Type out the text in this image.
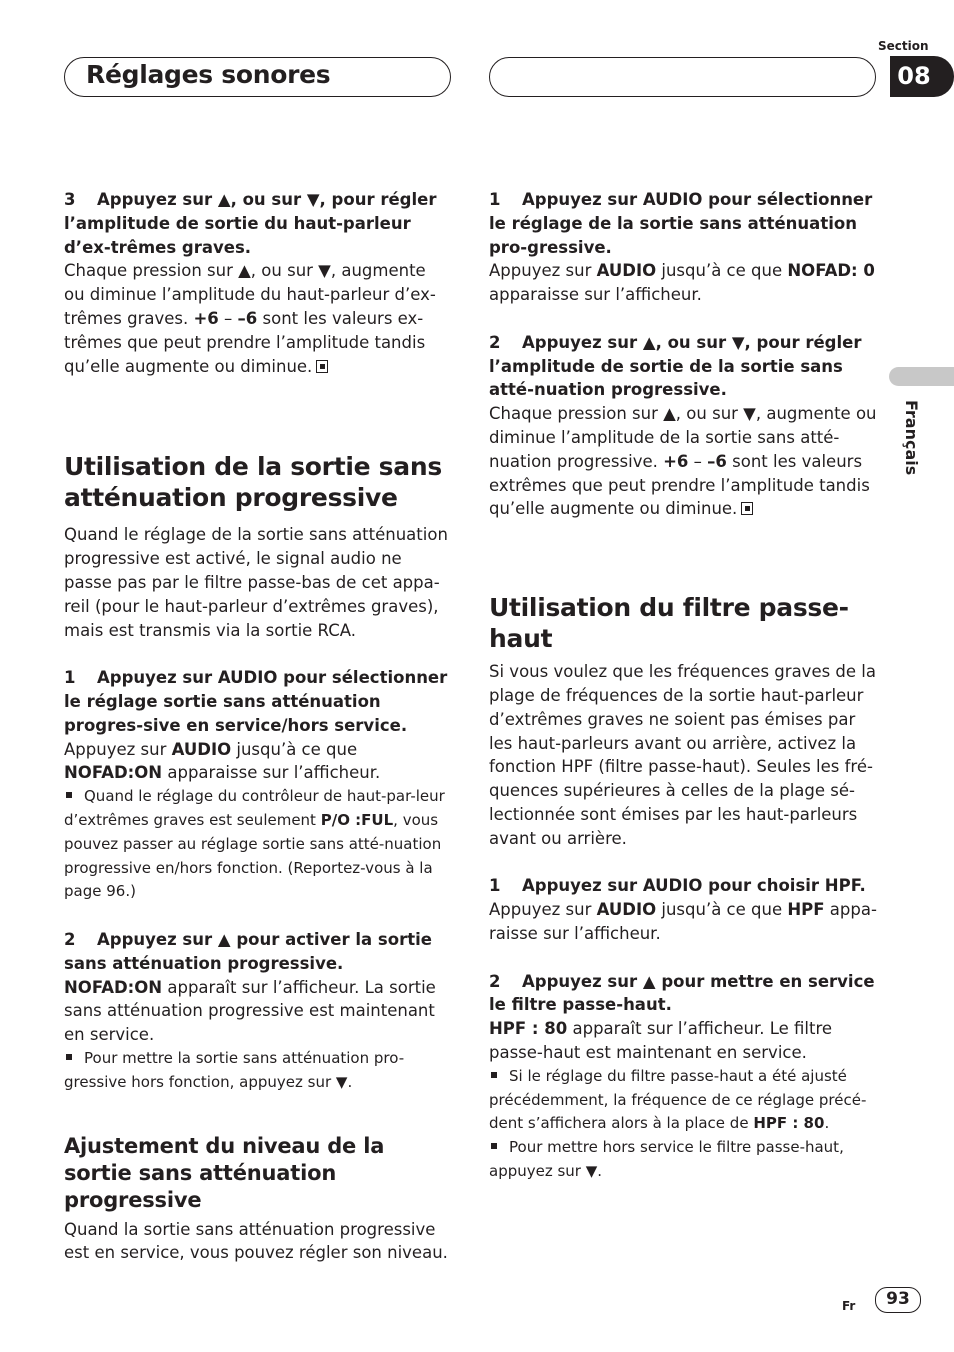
Réglages sonores
Section
08
Français

3 Appuyez sur ▲, ou sur ▼, pour régler l’amplitude de sortie du haut-parleur d’ex-trêmes graves.

Chaque pression sur ▲, ou sur ▼, augmente ou diminue l’amplitude du haut-parleur d’ex-trêmes graves. +6 – –6 sont les valeurs ex-trêmes que peut prendre l’amplitude tandis qu’elle augmente ou diminue.

Utilisation de la sortie sans atténuation progressive

Quand le réglage de la sortie sans atténuation progressive est activé, le signal audio ne passe pas par le filtre passe-bas de cet appa-reil (pour le haut-parleur d’extrêmes graves), mais est transmis via la sortie RCA.

1 Appuyez sur AUDIO pour sélectionner le réglage sortie sans atténuation progres-sive en service/hors service.

Appuyez sur AUDIO jusqu’à ce que NOFAD:ON apparaisse sur l’afficheur.

Quand le réglage du contrôleur de haut-par-leur d’extrêmes graves est seulement P/O :FUL, vous pouvez passer au réglage sortie sans atté-nuation progressive en/hors fonction. (Reportez-vous à la page 96.)

2 Appuyez sur ▲ pour activer la sortie sans atténuation progressive.

NOFAD:ON apparaît sur l’afficheur. La sortie sans atténuation progressive est maintenant en service.

Pour mettre la sortie sans atténuation pro-gressive hors fonction, appuyez sur ▼.

Ajustement du niveau de la sortie sans atténuation progressive

Quand la sortie sans atténuation progressive est en service, vous pouvez régler son niveau.

1 Appuyez sur AUDIO pour sélectionner le réglage de la sortie sans atténuation pro-gressive.

Appuyez sur AUDIO jusqu’à ce que NOFAD: 0 apparaisse sur l’afficheur.

2 Appuyez sur ▲, ou sur ▼, pour régler l’amplitude de sortie de la sortie sans atté-nuation progressive.

Chaque pression sur ▲, ou sur ▼, augmente ou diminue l’amplitude de la sortie sans atté-nuation progressive. +6 – –6 sont les valeurs extrêmes que peut prendre l’amplitude tandis qu’elle augmente ou diminue.

Utilisation du filtre passe-haut

Si vous voulez que les fréquences graves de la plage de fréquences de la sortie haut-parleur d’extrêmes graves ne soient pas émises par les haut-parleurs avant ou arrière, activez la fonction HPF (filtre passe-haut). Seules les fré-quences supérieures à celles de la plage sé-lectionnée sont émises par les haut-parleurs avant ou arrière.

1 Appuyez sur AUDIO pour choisir HPF.

Appuyez sur AUDIO jusqu’à ce que HPF appa-raisse sur l’afficheur.

2 Appuyez sur ▲ pour mettre en service le filtre passe-haut.

HPF : 80 apparaît sur l’afficheur. Le filtre passe-haut est maintenant en service.

Si le réglage du filtre passe-haut a été ajusté précédemment, la fréquence de ce réglage précé-dent s’affichera alors à la place de HPF : 80.

Pour mettre hors service le filtre passe-haut, appuyez sur ▼.

Fr	93
